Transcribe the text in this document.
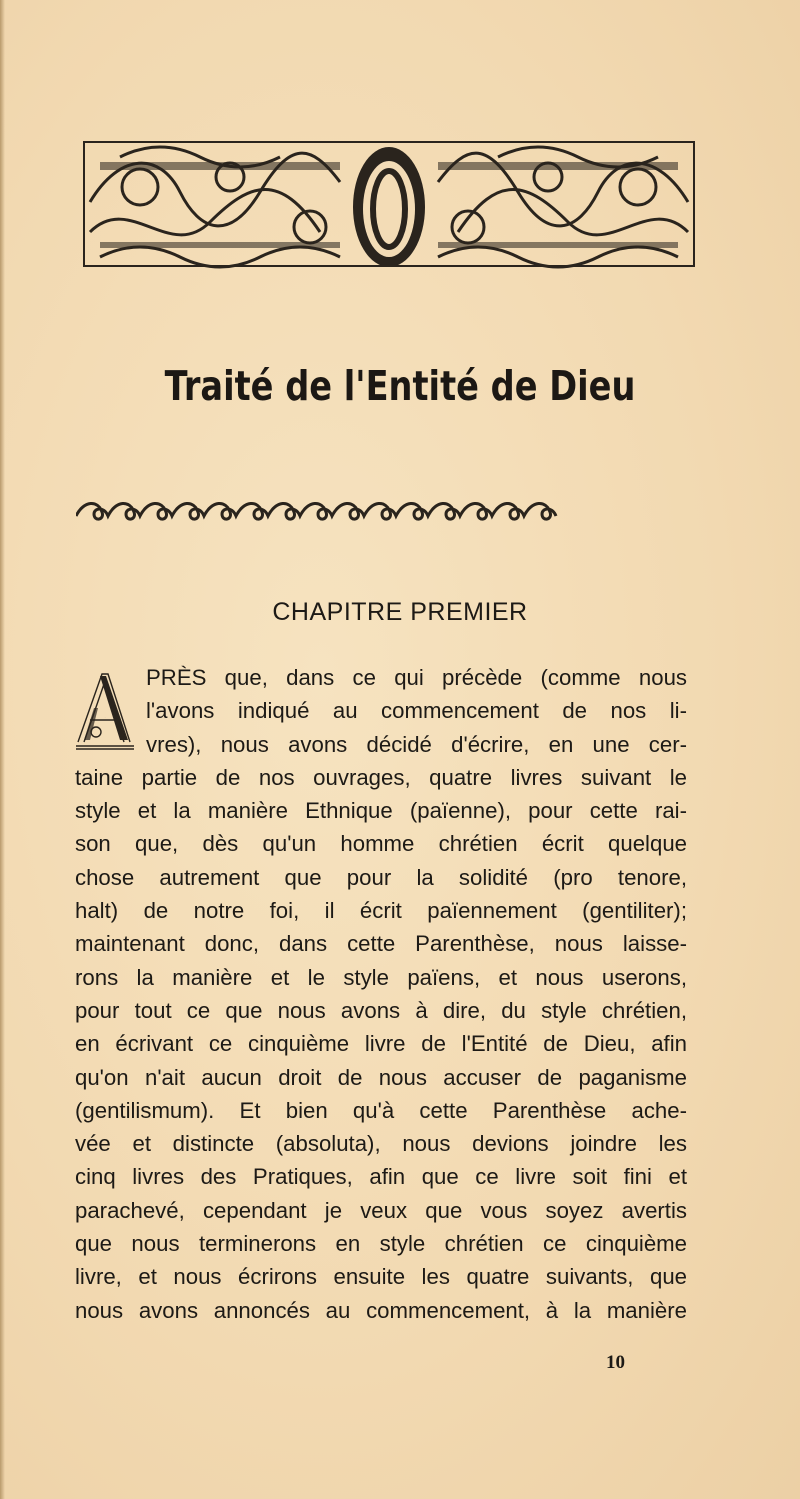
Traité de l'Entité de Dieu
CHAPITRE PREMIER
A
PRÈS que, dans ce qui précède (comme nous
l'avons indiqué au commencement de nos li-
vres), nous avons décidé d'écrire, en une cer-
taine partie de nos ouvrages, quatre livres suivant le
style et la manière Ethnique (païenne), pour cette rai-
son que, dès qu'un homme chrétien écrit quelque
chose autrement que pour la solidité (pro tenore,
halt) de notre foi, il écrit païennement (gentiliter);
maintenant donc, dans cette Parenthèse, nous laisse-
rons la manière et le style païens, et nous userons,
pour tout ce que nous avons à dire, du style chrétien,
en écrivant ce cinquième livre de l'Entité de Dieu, afin
qu'on n'ait aucun droit de nous accuser de paganisme
(gentilismum). Et bien qu'à cette Parenthèse ache-
vée et distincte (absoluta), nous devions joindre les
cinq livres des Pratiques, afin que ce livre soit fini et
parachevé, cependant je veux que vous soyez avertis
que nous terminerons en style chrétien ce cinquième
livre, et nous écrirons ensuite les quatre suivants, que
nous avons annoncés au commencement, à la manière
10
